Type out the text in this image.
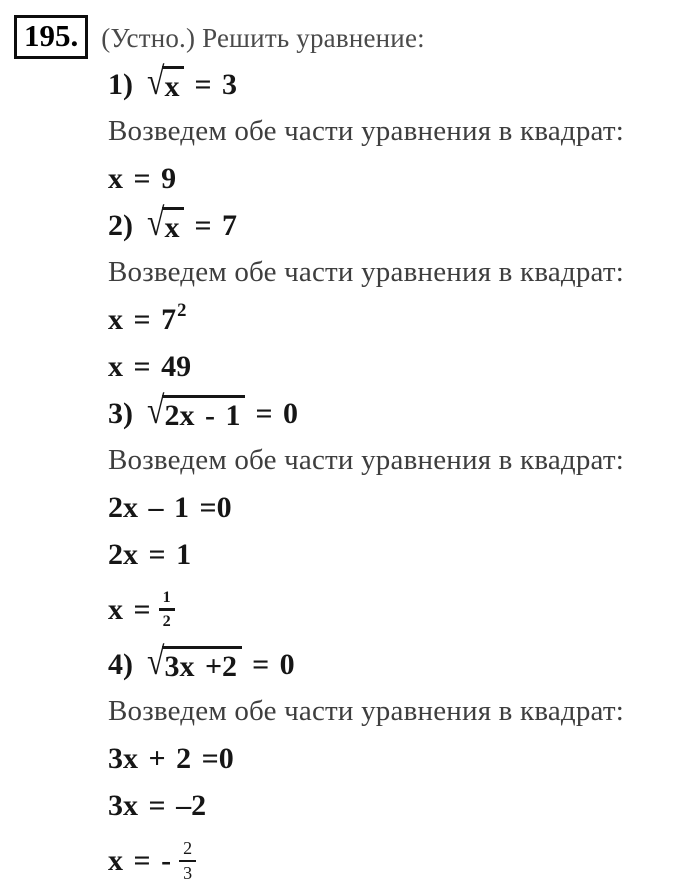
195. (Устно.) Решить уравнение:
1) √ x = 3
Возведем обе части уравнения в квадрат:
x = 9
2) √ x = 7
Возведем обе части уравнения в квадрат:
x = 7 2
x = 49
3) √ 2x - 1 = 0
Возведем обе части уравнения в квадрат:
2x – 1 =0
2x = 1
$x = \frac{1}{2}$
4) √ 3x +2 = 0
Возведем обе части уравнения в квадрат:
3x + 2 =0
3x = –2
x = - $\frac{2}{3}$
